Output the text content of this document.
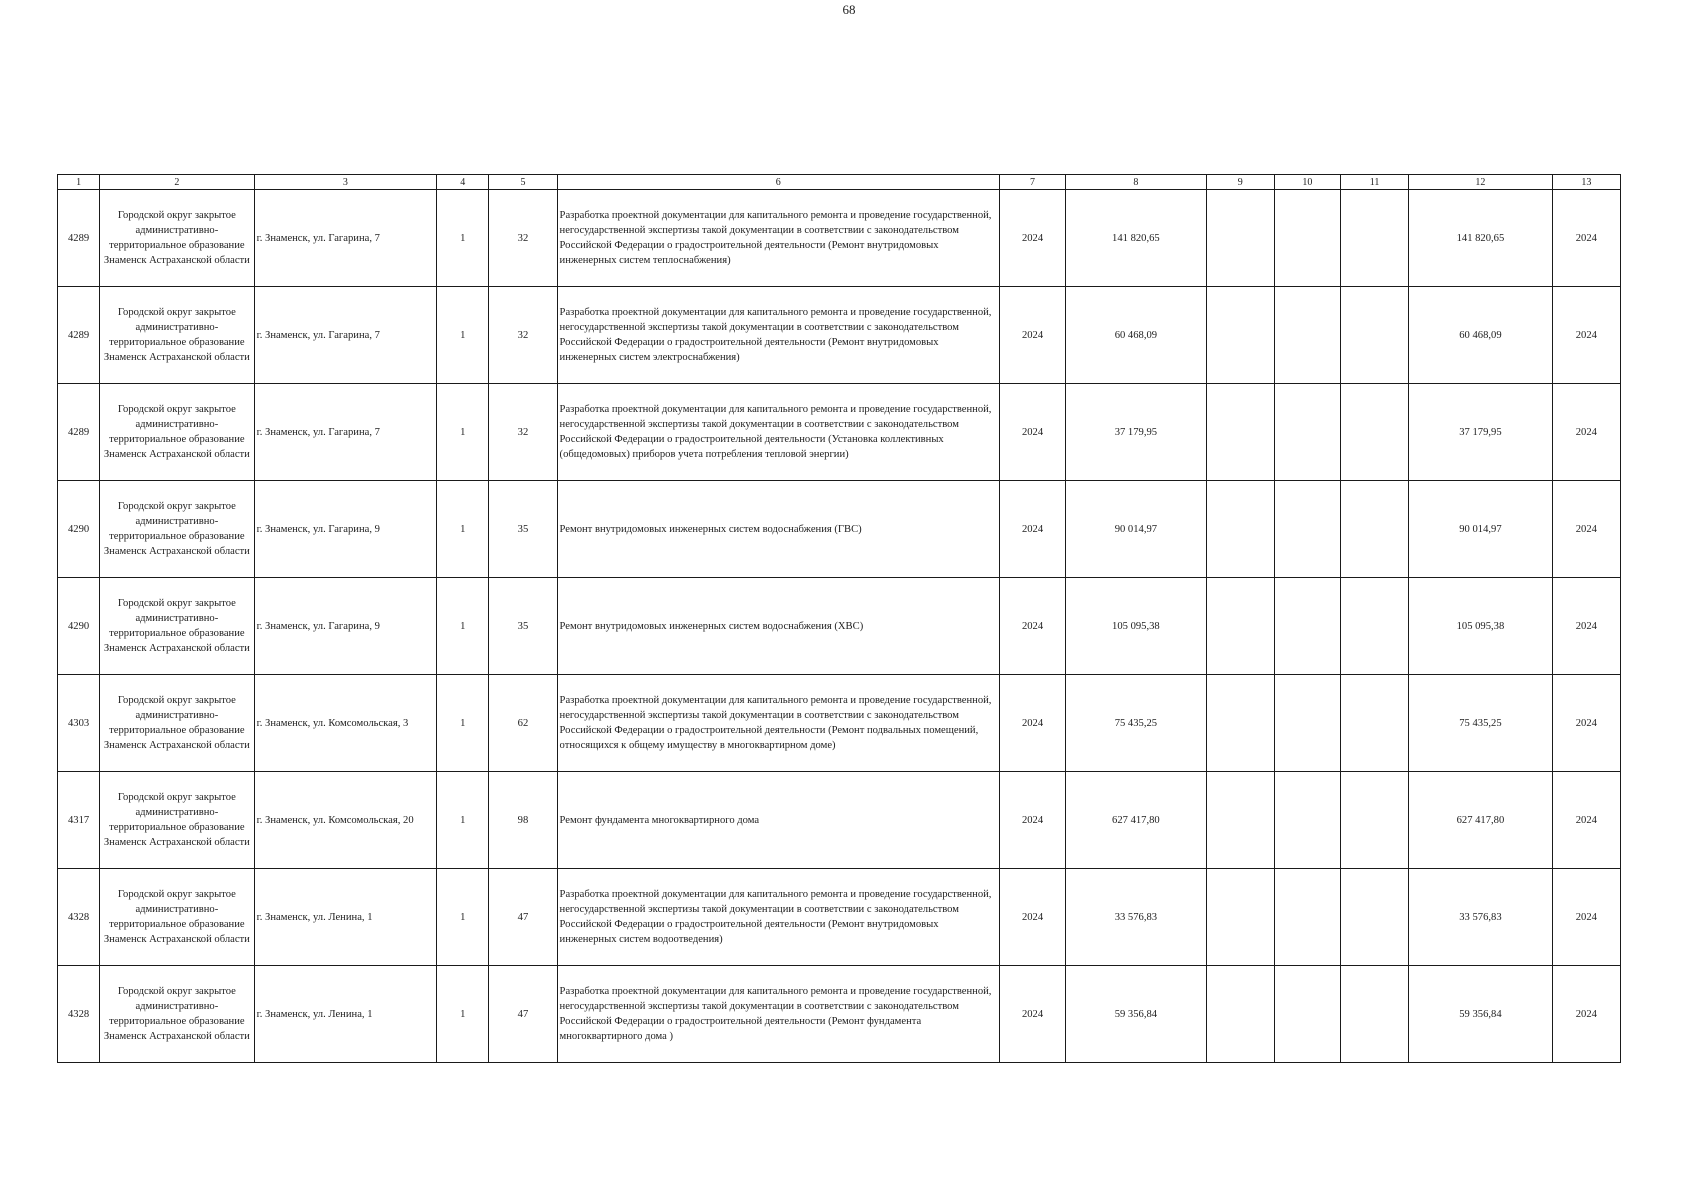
68
1	2	3	4	5	6	7	8	9	10	11	12	13
4289	Городской округ закрытое административно-территориальное образование Знаменск Астраханской области	г. Знаменск, ул. Гагарина, 7	1	32	Разработка проектной документации для капитального ремонта и проведение государственной, негосударственной экспертизы такой документации в соответствии с законодательством Российской Федерации о градостроительной деятельности (Ремонт внутридомовых инженерных систем теплоснабжения)	2024	141 820,65				141 820,65	2024
4289	Городской округ закрытое административно-территориальное образование Знаменск Астраханской области	г. Знаменск, ул. Гагарина, 7	1	32	Разработка проектной документации для капитального ремонта и проведение государственной, негосударственной экспертизы такой документации в соответствии с законодательством Российской Федерации о градостроительной деятельности (Ремонт внутридомовых инженерных систем электроснабжения)	2024	60 468,09				60 468,09	2024
4289	Городской округ закрытое административно-территориальное образование Знаменск Астраханской области	г. Знаменск, ул. Гагарина, 7	1	32	Разработка проектной документации для капитального ремонта и проведение государственной, негосударственной экспертизы такой документации в соответствии с законодательством Российской Федерации о градостроительной деятельности (Установка коллективных (общедомовых) приборов учета потребления тепловой энергии)	2024	37 179,95				37 179,95	2024
4290	Городской округ закрытое административно-территориальное образование Знаменск Астраханской области	г. Знаменск, ул. Гагарина, 9	1	35	Ремонт внутридомовых инженерных систем водоснабжения (ГВС)	2024	90 014,97				90 014,97	2024
4290	Городской округ закрытое административно-территориальное образование Знаменск Астраханской области	г. Знаменск, ул. Гагарина, 9	1	35	Ремонт внутридомовых инженерных систем водоснабжения (ХВС)	2024	105 095,38				105 095,38	2024
4303	Городской округ закрытое административно-территориальное образование Знаменск Астраханской области	г. Знаменск, ул. Комсомольская, 3	1	62	Разработка проектной документации для капитального ремонта и проведение государственной, негосударственной экспертизы такой документации в соответствии с законодательством Российской Федерации о градостроительной деятельности (Ремонт подвальных помещений, относящихся к общему имуществу в многоквартирном доме)	2024	75 435,25				75 435,25	2024
4317	Городской округ закрытое административно-территориальное образование Знаменск Астраханской области	г. Знаменск, ул. Комсомольская, 20	1	98	Ремонт фундамента многоквартирного дома	2024	627 417,80				627 417,80	2024
4328	Городской округ закрытое административно-территориальное образование Знаменск Астраханской области	г. Знаменск, ул. Ленина, 1	1	47	Разработка проектной документации для капитального ремонта и проведение государственной, негосударственной экспертизы такой документации в соответствии с законодательством Российской Федерации о градостроительной деятельности (Ремонт внутридомовых инженерных систем водоотведения)	2024	33 576,83				33 576,83	2024
4328	Городской округ закрытое административно-территориальное образование Знаменск Астраханской области	г. Знаменск, ул. Ленина, 1	1	47	Разработка проектной документации для капитального ремонта и проведение государственной, негосударственной экспертизы такой документации в соответствии с законодательством Российской Федерации о градостроительной деятельности (Ремонт фундамента многоквартирного дома )	2024	59 356,84				59 356,84	2024
